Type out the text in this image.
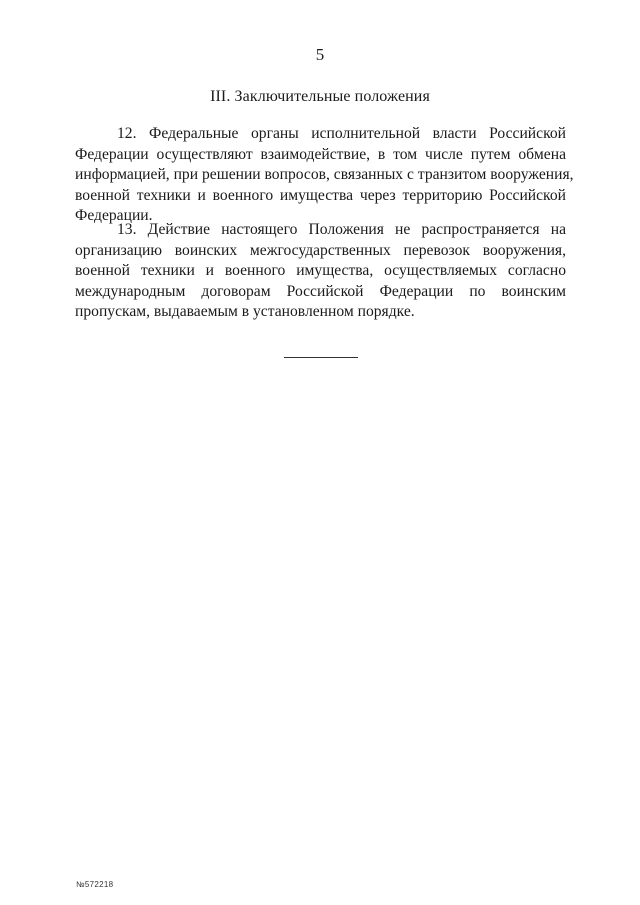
5
III. Заключительные положения

12. Федеральные органы исполнительной власти Российской
Федерации осуществляют взаимодействие, в том числе путем обмена
информацией, при решении вопросов, связанных с транзитом вооружения,
военной техники и военного имущества через территорию Российской
Федерации.

13. Действие настоящего Положения не распространяется на
организацию воинских межгосударственных перевозок вооружения,
военной техники и военного имущества, осуществляемых согласно
международным договорам Российской Федерации по воинским
пропускам, выдаваемым в установленном порядке.

№572218
